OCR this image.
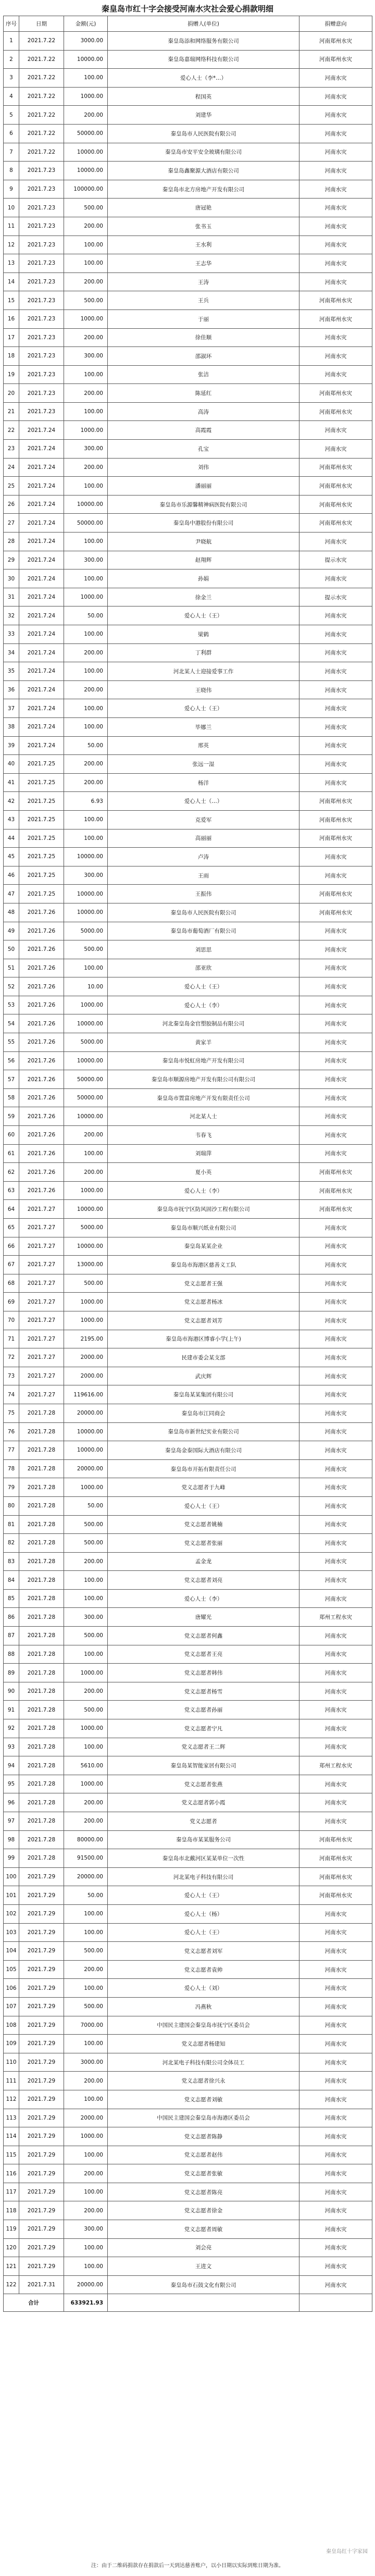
秦皇岛市红十字会接受河南水灾社会爱心捐款明细
序号	日期	金额(元)	捐赠人(单位)	捐赠意向
1	2021.7.22	3000.00	秦皇岛添和网络服务有限公司	河南郑州水灾
2	2021.7.22	10000.00	秦皇岛嘉瑞网络科技有限公司	河南郑州水灾
3	2021.7.22	100.00	爱心人士（李*…）	河南水灾
4	2021.7.22	1000.00	程国英	河南水灾
5	2021.7.22	200.00	刘建华	河南水灾
6	2021.7.22	50000.00	秦皇岛市人民医院有限公司	河南水灾
7	2021.7.22	10000.00	秦皇岛市安平安全玻璃有限公司	河南水灾
8	2021.7.23	10000.00	秦皇岛鑫聚源大酒店有限公司	河南水灾
9	2021.7.23	100000.00	秦皇岛市北方房地产开发有限公司	河南水灾
10	2021.7.23	500.00	唐冠艳	河南水灾
11	2021.7.23	200.00	张书玉	河南水灾
12	2021.7.23	100.00	王水利	河南水灾
13	2021.7.23	100.00	王志华	河南水灾
14	2021.7.23	200.00	王涛	河南水灾
15	2021.7.23	500.00	王兵	河南郑州水灾
16	2021.7.23	1000.00	于丽	河南郑州水灾
17	2021.7.23	200.00	徐佳顺	河南水灾
18	2021.7.23	300.00	邵淑环	河南水灾
19	2021.7.23	100.00	张洁	河南水灾
20	2021.7.23	200.00	陈延红	河南郑州水灾
21	2021.7.23	100.00	高涛	河南郑州水灾
22	2021.7.24	1000.00	高霞霞	河南水灾
23	2021.7.24	300.00	孔宝	河南水灾
24	2021.7.24	200.00	刘伟	河南郑州水灾
25	2021.7.24	100.00	潘丽丽	河南郑州水灾
26	2021.7.24	10000.00	秦皇岛市乐源馨精神病医院有限公司	河南郑州水灾
27	2021.7.24	50000.00	秦皇岛中港股份有限公司	河南郑州水灾
28	2021.7.24	100.00	尹晓航	河南水灾
29	2021.7.24	300.00	赵翔辉	提示水灾
30	2021.7.24	100.00	孙娟	河南水灾
31	2021.7.24	1000.00	徐金兰	提示水灾
32	2021.7.24	50.00	爱心人士（王）	河南水灾
33	2021.7.24	100.00	梁鹤	河南水灾
34	2021.7.24	200.00	丁利群	河南水灾
35	2021.7.24	100.00	河北某人士迎接爱事工作	河南水灾
36	2021.7.24	200.00	王晓伟	河南水灾
37	2021.7.24	100.00	爱心人士（王）	河南水灾
38	2021.7.24	100.00	毕娜兰	河南水灾
39	2021.7.24	50.00	邢英	河南水灾
40	2021.7.25	200.00	张远一湿	河南水灾
41	2021.7.25	200.00	杨洋	河南水灾
42	2021.7.25	6.93	爱心人士（…）	河南郑州水灾
43	2021.7.25	100.00	克爱军	河南郑州水灾
44	2021.7.25	100.00	高丽丽	河南郑州水灾
45	2021.7.25	10000.00	卢涛	河南水灾
46	2021.7.25	300.00	王雨	河南水灾
47	2021.7.25	10000.00	王振伟	河南郑州水灾
48	2021.7.26	10000.00	秦皇岛市人民医院有限公司	河南郑州水灾
49	2021.7.26	5000.00	秦皇岛市葡萄酒厂有限公司	河南水灾
50	2021.7.26	500.00	刘思思	河南水灾
51	2021.7.26	100.00	邵亚欣	河南水灾
52	2021.7.26	10.00	爱心人士（王）	河南水灾
53	2021.7.26	1000.00	爱心人士（李）	河南水灾
54	2021.7.26	10000.00	河北秦皇岛金官塑胶制品有限公司	河南水灾
55	2021.7.26	5000.00	黄家羊	河南水灾
56	2021.7.26	10000.00	秦皇岛市悦虹房地产开发有限公司	河南水灾
57	2021.7.26	50000.00	秦皇岛市顺源房地产开发有限公司有限公司	河南水灾
58	2021.7.26	50000.00	秦皇岛市置富房地产开发有限责任公司	河南水灾
59	2021.7.26	10000.00	河北某人士	河南水灾
60	2021.7.26	200.00	韦春飞	河南水灾
61	2021.7.26	100.00	刘瑞萍	河南水灾
62	2021.7.26	200.00	夏小英	河南郑州水灾
63	2021.7.26	1000.00	爱心人士（李）	河南郑州水灾
64	2021.7.27	10000.00	秦皇岛市抚宁区防风固沙工程有限公司	河南郑州水灾
65	2021.7.27	5000.00	秦皇岛市顺兴纸业有限公司	河南水灾
66	2021.7.27	10000.00	秦皇岛某某企业	河南水灾
67	2021.7.27	13000.00	秦皇岛市海港区慈善义工队	河南水灾
68	2021.7.27	500.00	党义志愿者王强	河南水灾
69	2021.7.27	1000.00	党义志愿者杨冰	河南水灾
70	2021.7.27	1000.00	党义志愿者刘芳	河南水灾
71	2021.7.27	2195.00	秦皇岛市海港区博睿小学(上午)	河南水灾
72	2021.7.27	2000.00	民建市委会某支部	河南水灾
73	2021.7.27	2000.00	武庆辉	河南水灾
74	2021.7.27	119616.00	秦皇岛某某集团有限公司	河南水灾
75	2021.7.28	20000.00	秦皇岛市江同商会	河南水灾
76	2021.7.28	10000.00	秦皇岛市新世纪实业有限公司	河南水灾
77	2021.7.28	10000.00	秦皇岛金泰国际大酒店有限公司	河南水灾
78	2021.7.28	20000.00	秦皇岛市开拓有限责任公司	河南水灾
79	2021.7.28	1000.00	党义志愿者于九峰	河南水灾
80	2021.7.28	50.00	爱心人士（王）	河南水灾
81	2021.7.28	500.00	党义志愿者姚楠	河南水灾
82	2021.7.28	500.00	党义志愿者张丽	河南水灾
83	2021.7.28	200.00	孟金龙	河南水灾
84	2021.7.28	100.00	党义志愿者刘亮	河南水灾
85	2021.7.28	100.00	爱心人士（李）	河南水灾
86	2021.7.28	300.00	唐耀光	郑州工程水灾
87	2021.7.28	500.00	党义志愿者何鑫	河南水灾
88	2021.7.28	100.00	党义志愿者王亮	河南水灾
89	2021.7.28	1000.00	党义志愿者韩伟	河南水灾
90	2021.7.28	200.00	党义志愿者杨雪	河南水灾
91	2021.7.28	500.00	党义志愿者孙丽	河南水灾
92	2021.7.28	1000.00	党义志愿者宁凡	河南水灾
93	2021.7.28	100.00	党义志愿者王二辉	河南水灾
94	2021.7.28	5610.00	秦皇岛某智能家居有限公司	郑州工程水灾
95	2021.7.28	1000.00	党义志愿者张燕	河南水灾
96	2021.7.28	200.00	党义志愿者郭小霞	河南水灾
97	2021.7.28	200.00	党义志愿者	河南水灾
98	2021.7.28	80000.00	秦皇岛市某某服务公司	河南郑州水灾
99	2021.7.28	91500.00	秦皇岛市北戴河区某某单位一次性	河南郑州水灾
100	2021.7.29	20000.00	河北某电子科技有限公司	河南郑州水灾
101	2021.7.29	50.00	爱心人士（王）	河南郑州水灾
102	2021.7.29	100.00	爱心人士（杨）	河南水灾
103	2021.7.29	100.00	爱心人士（王）	河南水灾
104	2021.7.29	500.00	党义志愿者刘军	河南水灾
105	2021.7.29	200.00	党义志愿者袁帅	河南水灾
106	2021.7.29	100.00	爱心人士（刘）	河南水灾
107	2021.7.29	500.00	冯燕秋	河南水灾
108	2021.7.29	7000.00	中国民主建国会秦皇岛市抚宁区委员会	河南水灾
109	2021.7.29	100.00	党义志愿者杨建知	河南水灾
110	2021.7.29	3000.00	河北某电子科技有限公司全体员工	河南水灾
111	2021.7.29	200.00	党义志愿者徐兴永	河南水灾
112	2021.7.29	100.00	党义志愿者刘敏	河南水灾
113	2021.7.29	2000.00	中国民主建国会秦皇岛市海港区委员会	河南水灾
114	2021.7.29	1000.00	党义志愿者陈静	河南水灾
115	2021.7.29	100.00	党义志愿者赵伟	河南水灾
116	2021.7.29	200.00	党义志愿者张敏	河南水灾
117	2021.7.29	100.00	党义志愿者陈亮	河南水灾
118	2021.7.29	200.00	党义志愿者徐金	河南水灾
119	2021.7.29	300.00	党义志愿者周敏	河南水灾
120	2021.7.29	100.00	刘会亮	河南水灾
121	2021.7.29	100.00	王进文	河南水灾
122	2021.7.31	20000.00	秦皇岛市石鼓文化有限公司	河南水灾
合计		633921.93		
秦皇岛红十字家园
注：由于二维码捐款存在捐款后一天到达慈善账户，以小日期以实际到账日期为准。
